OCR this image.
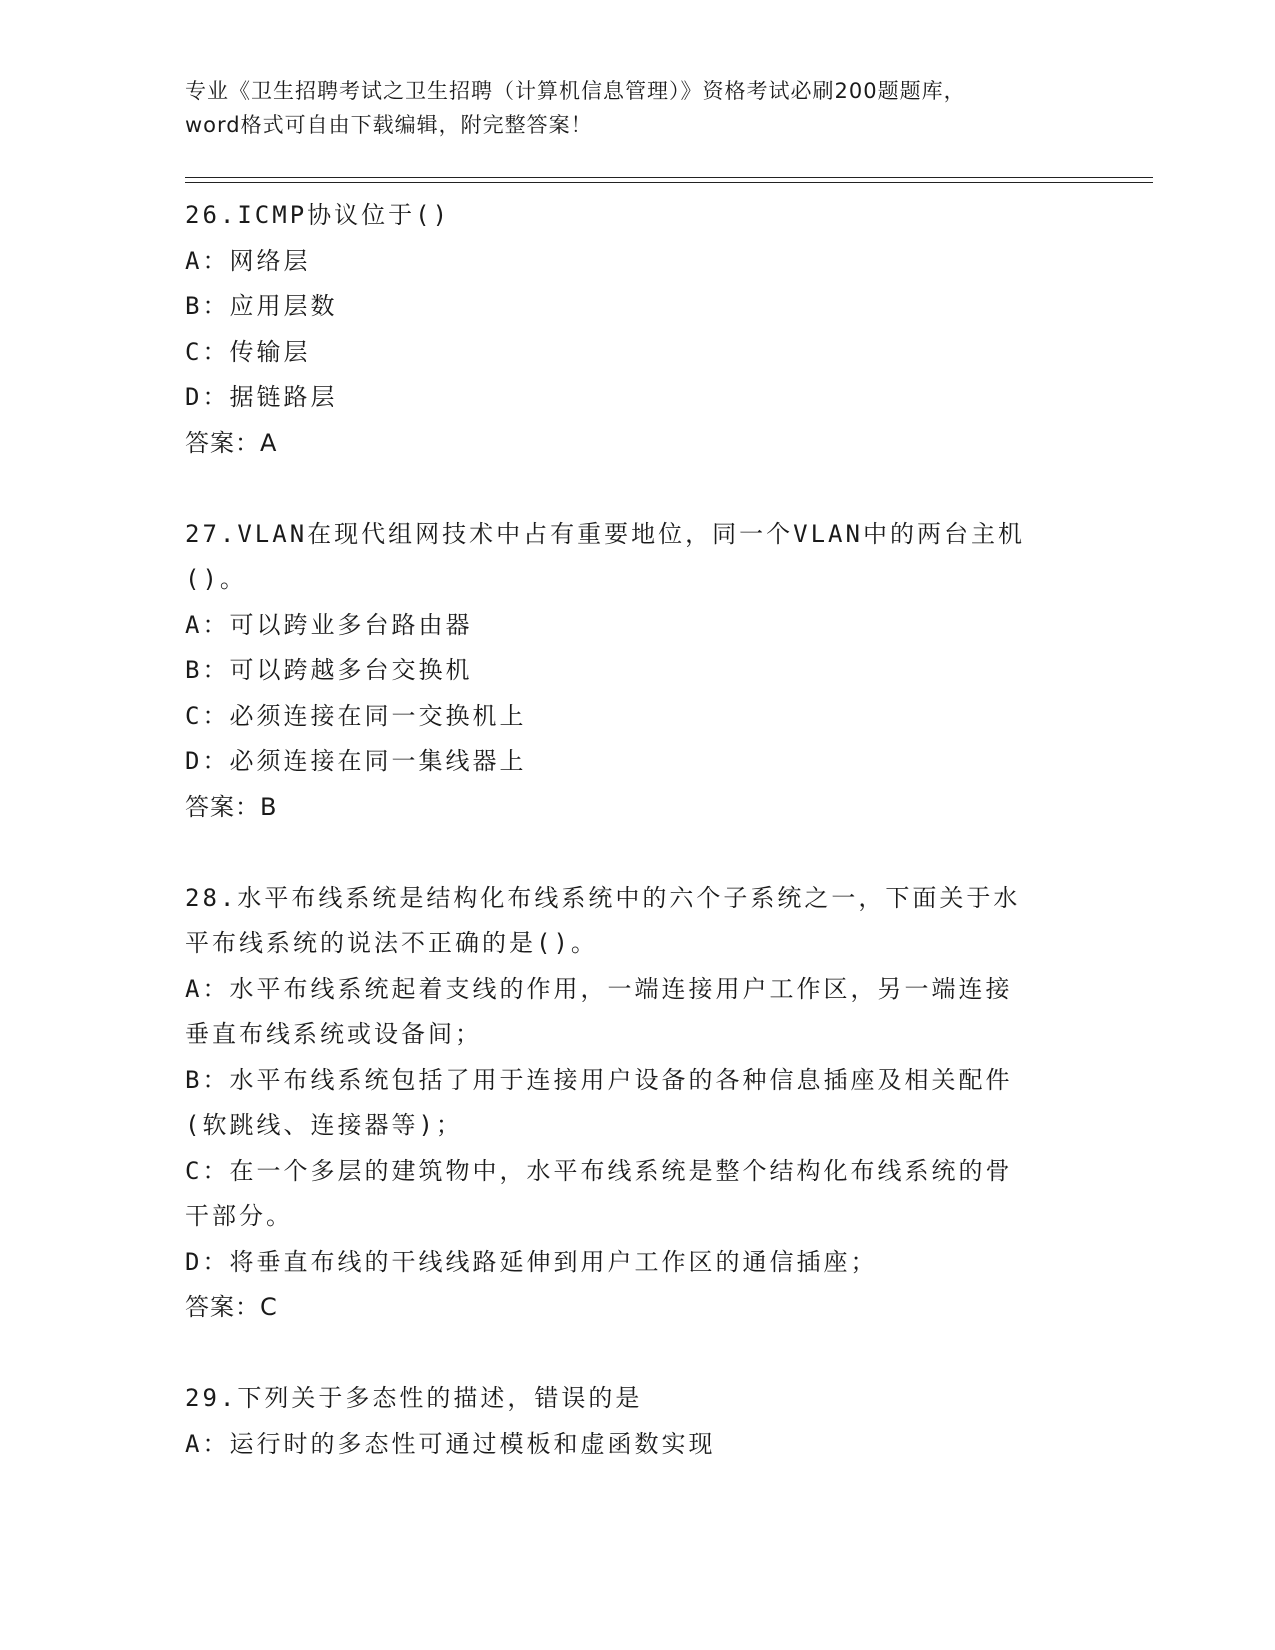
专业《卫生招聘考试之卫生招聘（计算机信息管理）》资格考试必刷200题题库，
word格式可自由下载编辑，附完整答案！
26.ICMP协议位于()
A：网络层
B：应用层数
C：传输层
D：据链路层
答案：A
27.VLAN在现代组网技术中占有重要地位，同一个VLAN中的两台主机
()。
A：可以跨业多台路由器
B：可以跨越多台交换机
C：必须连接在同一交换机上
D：必须连接在同一集线器上
答案：B
28.水平布线系统是结构化布线系统中的六个子系统之一，下面关于水
平布线系统的说法不正确的是()。
A：水平布线系统起着支线的作用，一端连接用户工作区，另一端连接
垂直布线系统或设备间；
B：水平布线系统包括了用于连接用户设备的各种信息插座及相关配件
(软跳线、连接器等)；
C：在一个多层的建筑物中，水平布线系统是整个结构化布线系统的骨
干部分。
D：将垂直布线的干线线路延伸到用户工作区的通信插座；
答案：C
29.下列关于多态性的描述，错误的是
A：运行时的多态性可通过模板和虚函数实现
